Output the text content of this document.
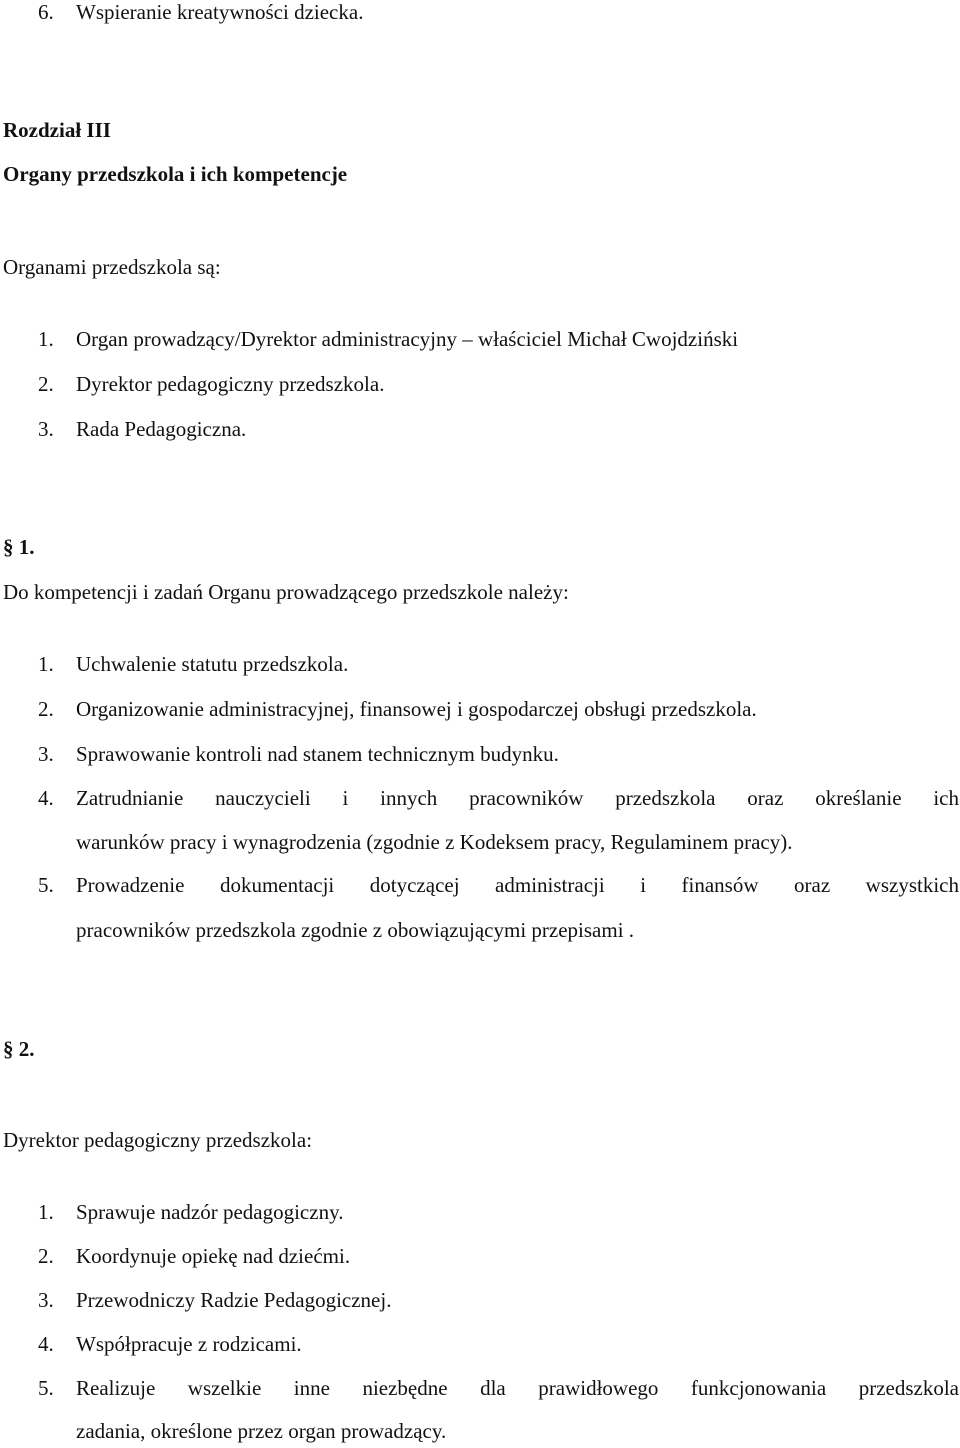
6. Wspieranie kreatywności dziecka.
Rozdział III
Organy przedszkola i ich kompetencje
Organami przedszkola są:
1. Organ prowadzący/Dyrektor administracyjny – właściciel Michał Cwojdziński
2. Dyrektor pedagogiczny przedszkola.
3. Rada Pedagogiczna.
§ 1.
Do kompetencji i zadań Organu prowadzącego przedszkole należy:
1. Uchwalenie statutu przedszkola.
2. Organizowanie administracyjnej, finansowej i gospodarczej obsługi przedszkola.
3. Sprawowanie kontroli nad stanem technicznym budynku.
4. Zatrudnianie nauczycieli i innych pracowników przedszkola oraz określanie ich
warunków pracy i wynagrodzenia (zgodnie z Kodeksem pracy, Regulaminem pracy).
5. Prowadzenie dokumentacji dotyczącej administracji i finansów oraz wszystkich
pracowników przedszkola zgodnie z obowiązującymi przepisami .
§ 2.
Dyrektor pedagogiczny przedszkola:
1. Sprawuje nadzór pedagogiczny.
2. Koordynuje opiekę nad dziećmi.
3. Przewodniczy Radzie Pedagogicznej.
4. Współpracuje z rodzicami.
5. Realizuje wszelkie inne niezbędne dla prawidłowego funkcjonowania przedszkola
zadania, określone przez organ prowadzący.
